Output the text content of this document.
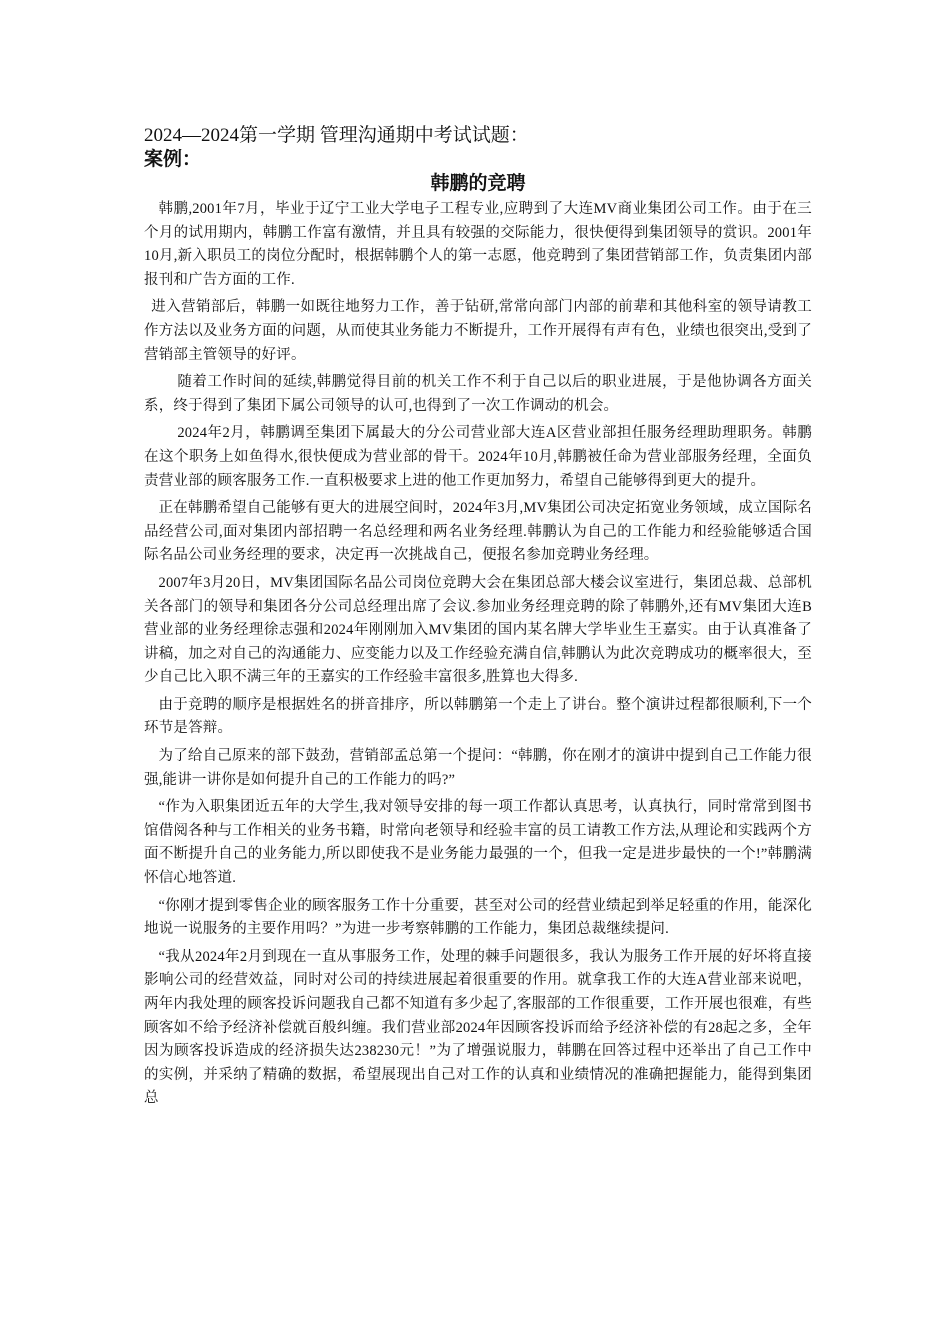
2024—2024第一学期 管理沟通期中考试试题：

案例：

韩鹏的竞聘

韩鹏,2001年7月，毕业于辽宁工业大学电子工程专业,应聘到了大连MV商业集团公司工作。由于在三个月的试用期内，韩鹏工作富有激情，并且具有较强的交际能力，很快便得到集团领导的赏识。2001年10月,新入职员工的岗位分配时，根据韩鹏个人的第一志愿，他竞聘到了集团营销部工作，负责集团内部报刊和广告方面的工作.

进入营销部后，韩鹏一如既往地努力工作，善于钻研,常常向部门内部的前辈和其他科室的领导请教工作方法以及业务方面的问题，从而使其业务能力不断提升，工作开展得有声有色，业绩也很突出,受到了营销部主管领导的好评。

随着工作时间的延续,韩鹏觉得目前的机关工作不利于自己以后的职业进展，于是他协调各方面关系，终于得到了集团下属公司领导的认可,也得到了一次工作调动的机会。

2024年2月，韩鹏调至集团下属最大的分公司营业部大连A区营业部担任服务经理助理职务。韩鹏在这个职务上如鱼得水,很快便成为营业部的骨干。2024年10月,韩鹏被任命为营业部服务经理，全面负责营业部的顾客服务工作.一直积极要求上进的他工作更加努力，希望自己能够得到更大的提升。

正在韩鹏希望自己能够有更大的进展空间时，2024年3月,MV集团公司决定拓宽业务领域，成立国际名品经营公司,面对集团内部招聘一名总经理和两名业务经理.韩鹏认为自己的工作能力和经验能够适合国际名品公司业务经理的要求，决定再一次挑战自己，便报名参加竞聘业务经理。

2007年3月20日，MV集团国际名品公司岗位竞聘大会在集团总部大楼会议室进行，集团总裁、总部机关各部门的领导和集团各分公司总经理出席了会议.参加业务经理竞聘的除了韩鹏外,还有MV集团大连B营业部的业务经理徐志强和2024年刚刚加入MV集团的国内某名牌大学毕业生王嘉实。由于认真准备了讲稿，加之对自己的沟通能力、应变能力以及工作经验充满自信,韩鹏认为此次竞聘成功的概率很大，至少自己比入职不满三年的王嘉实的工作经验丰富很多,胜算也大得多.

由于竞聘的顺序是根据姓名的拼音排序，所以韩鹏第一个走上了讲台。整个演讲过程都很顺利,下一个环节是答辩。

为了给自己原来的部下鼓劲，营销部孟总第一个提问：“韩鹏，你在刚才的演讲中提到自己工作能力很强,能讲一讲你是如何提升自己的工作能力的吗?”

“作为入职集团近五年的大学生,我对领导安排的每一项工作都认真思考，认真执行，同时常常到图书馆借阅各种与工作相关的业务书籍，时常向老领导和经验丰富的员工请教工作方法,从理论和实践两个方面不断提升自己的业务能力,所以即使我不是业务能力最强的一个，但我一定是进步最快的一个!”韩鹏满怀信心地答道.

“你刚才提到零售企业的顾客服务工作十分重要，甚至对公司的经营业绩起到举足轻重的作用，能深化地说一说服务的主要作用吗？”为进一步考察韩鹏的工作能力，集团总裁继续提问.

“我从2024年2月到现在一直从事服务工作，处理的棘手问题很多，我认为服务工作开展的好坏将直接影响公司的经营效益，同时对公司的持续进展起着很重要的作用。就拿我工作的大连A营业部来说吧，两年内我处理的顾客投诉问题我自己都不知道有多少起了,客服部的工作很重要，工作开展也很难，有些顾客如不给予经济补偿就百般纠缠。我们营业部2024年因顾客投诉而给予经济补偿的有28起之多，全年因为顾客投诉造成的经济损失达238230元！”为了增强说服力，韩鹏在回答过程中还举出了自己工作中的实例，并采纳了精确的数据，希望展现出自己对工作的认真和业绩情况的准确把握能力，能得到集团总
